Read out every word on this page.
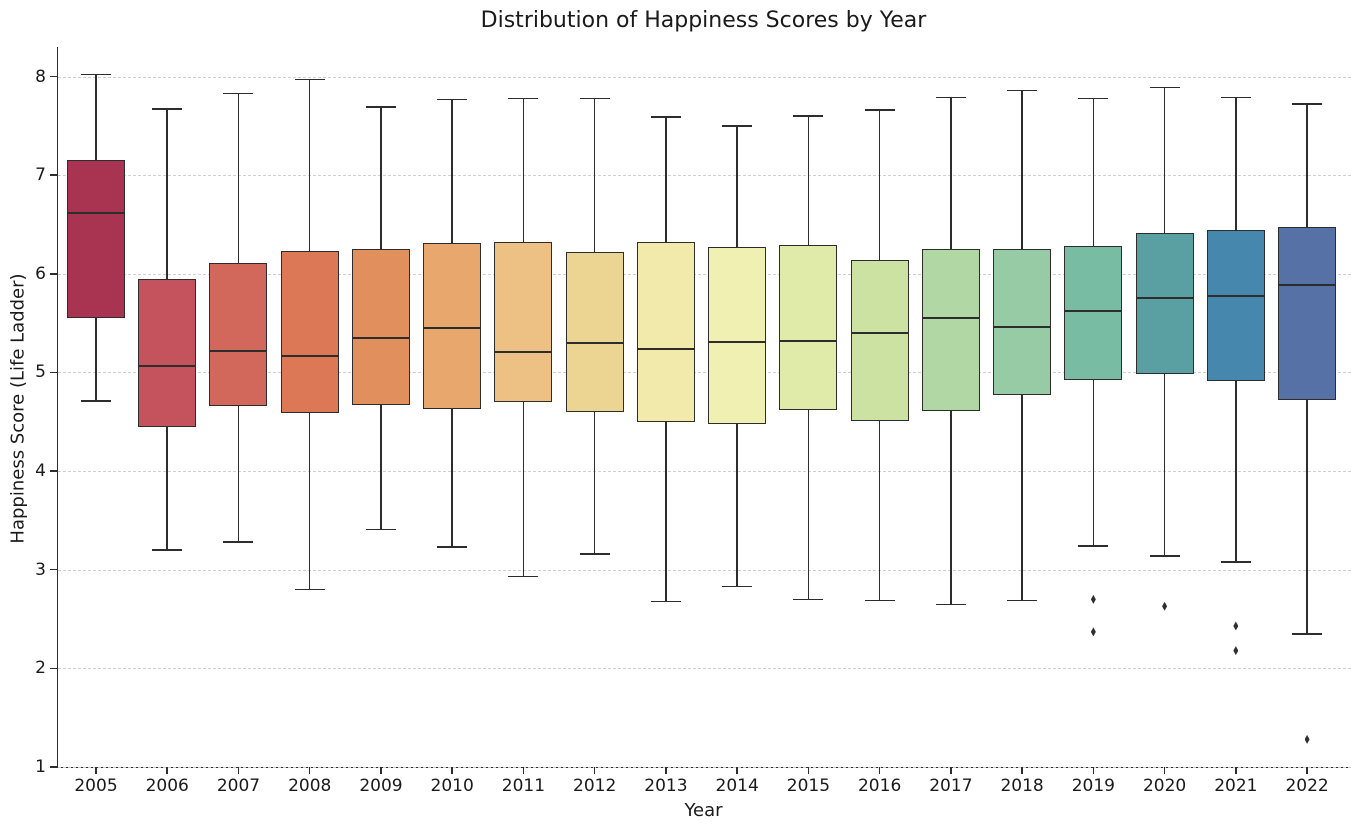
Distribution of Happiness Scores by Year
Happiness Score (Life Ladder)
1
2
3
4
5
6
7
8
2005 2006 2007 2008 2009 2010 2011 2012 2013 2014 2015 2016 2017 2018 2019 2020 2021 2022
Year
